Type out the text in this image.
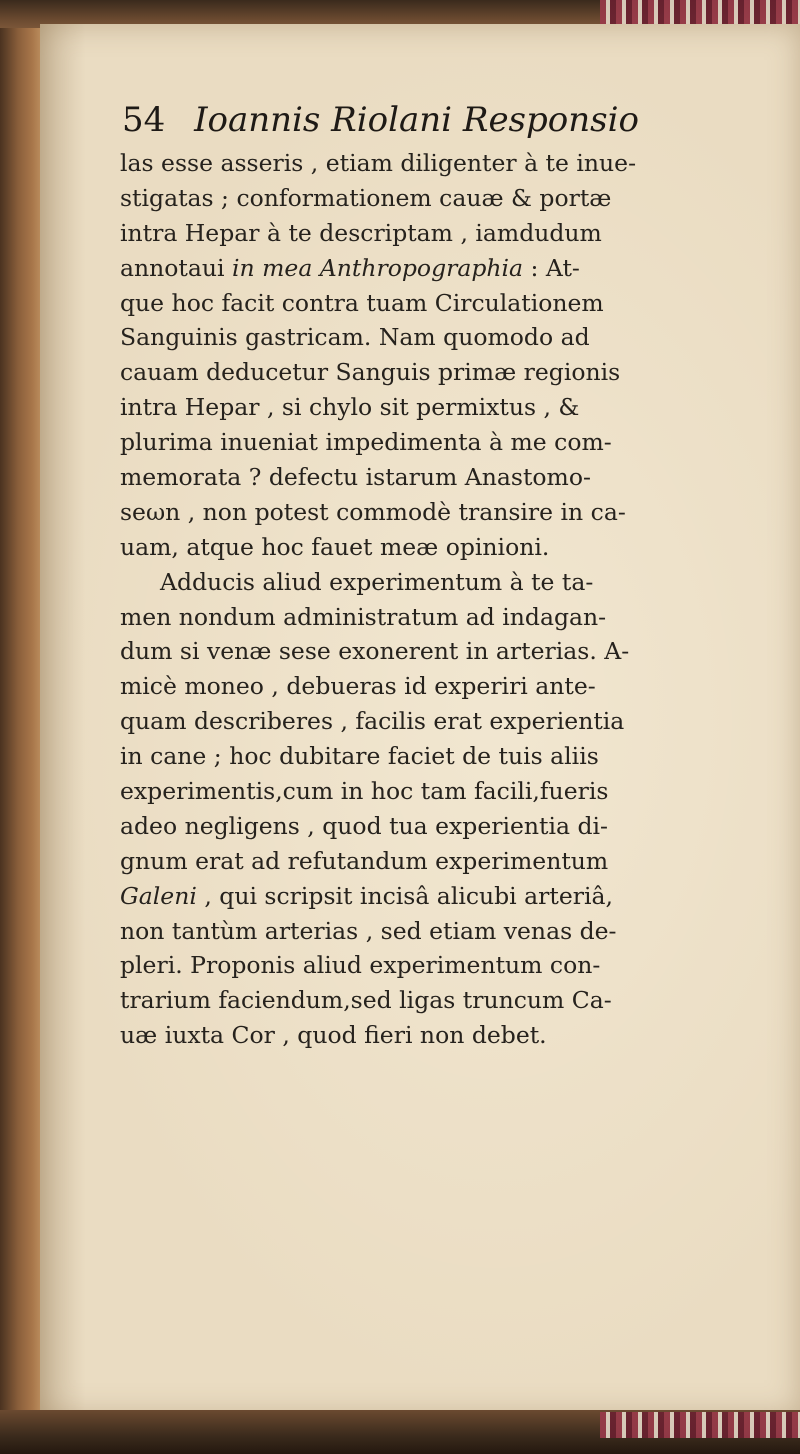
54 Ioannis Riolani Responsio
las esse asseris , etiam diligenter à te inue-
stigatas ; conformationem cauæ & portæ
intra Hepar à te descriptam , iamdudum
annotaui in mea Anthropographia : At-
que hoc facit contra tuam Circulationem
Sanguinis gastricam. Nam quomodo ad
cauam deducetur Sanguis primæ regionis
intra Hepar , si chylo sit permixtus , &
plurima inueniat impedimenta à me com-
memorata ? defectu istarum Anastomo-
seωn , non potest commodè transire in ca-
uam, atque hoc fauet meæ opinioni.
Adducis aliud experimentum à te ta-
men nondum administratum ad indagan-
dum si venæ sese exonerent in arterias. A-
micè moneo , debueras id experiri ante-
quam describeres , facilis erat experientia
in cane ; hoc dubitare faciet de tuis aliis
experimentis,cum in hoc tam facili,fueris
adeo negligens , quod tua experientia di-
gnum erat ad refutandum experimentum
Galeni , qui scripsit incisâ alicubi arteriâ,
non tantùm arterias , sed etiam venas de-
pleri. Proponis aliud experimentum con-
trarium faciendum,sed ligas truncum Ca-
uæ iuxta Cor , quod fieri non debet.
